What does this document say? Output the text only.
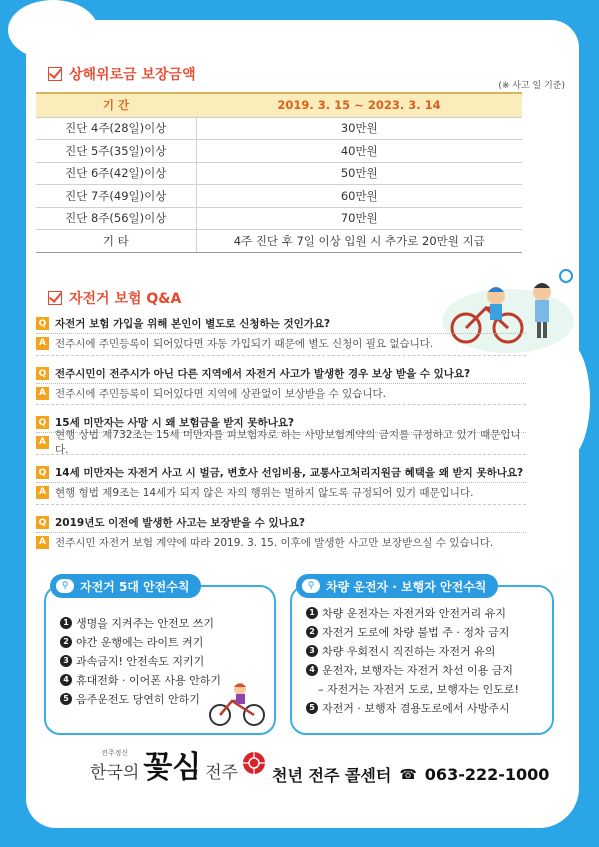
상해위로금 보장금액
(※ 사고 일 기준)
기 간	2019. 3. 15 ~ 2023. 3. 14
진단 4주(28일)이상	30만원
진단 5주(35일)이상	40만원
진단 6주(42일)이상	50만원
진단 7주(49일)이상	60만원
진단 8주(56일)이상	70만원
기 타	4주 진단 후 7일 이상 입원 시 추가로 20만원 지급
자전거 보험 Q&A
Q 자전거 보험 가입을 위해 본인이 별도로 신청하는 것인가요?
A 전주시에 주민등록이 되어있다면 자동 가입되기 때문에 별도 신청이 필요 없습니다.
Q 전주시민이 전주시가 아닌 다른 지역에서 자전거 사고가 발생한 경우 보상 받을 수 있나요?
A 전주시에 주민등록이 되어있다면 지역에 상관없이 보상받을 수 있습니다.
Q 15세 미만자는 사망 시 왜 보험금을 받지 못하나요?
A
현행 상법 제732조는 15세 미만자를 피보험자로 하는 사망보험계약의 금지를 규정하고 있기 때문입니다.
Q 14세 미만자는 자전거 사고 시 벌금, 변호사 선임비용, 교통사고처리지원금 혜택을 왜 받지 못하나요?
A 현행 형법 제9조는 14세가 되지 않은 자의 행위는 벌하지 않도록 규정되어 있기 때문입니다.
Q 2019년도 이전에 발생한 사고는 보장받을 수 있나요?
A 전주시민 자전거 보험 계약에 따라 2019. 3. 15. 이후에 발생한 사고만 보장받으실 수 있습니다.
⚲ 자전거 5대 안전수칙
1 생명을 지켜주는 안전모 쓰기
2 야간 운행에는 라이트 켜기
3 과속금지! 안전속도 지키기
4 휴대전화 · 이어폰 사용 안하기
5 음주운전도 당연히 안하기
⚲ 차량 운전자 · 보행자 안전수칙
1 차량 운전자는 자전거와 안전거리 유지
2 자전거 도로에 차량 불법 주 · 정차 금지
3 차량 우회전시 직진하는 자전거 유의
4 운전자, 보행자는 자전거 차선 이용 금지
– 자전거는 자전거 도로, 보행자는 인도로!
5 자전거 · 보행자 겸용도로에서 사방주시
전주정신
한국의 꽃심 전주 천년 전주 콜센터 ☎ 063-222-1000
